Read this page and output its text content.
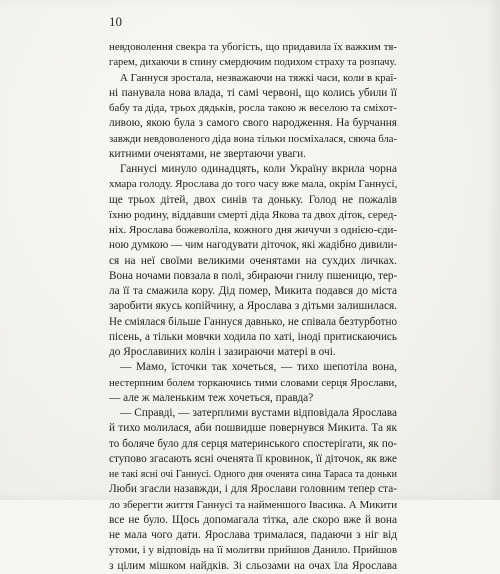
10
невдоволення свекра та убогість, що придавила їх важким тя-
гарем, дихаючи в спину смердючим подихом страху та розпачу.
А Ганнуся зростала, незважаючи на тяжкі часи, коли в краї-
ні панувала нова влада, ті самі червоні, що колись убили її
бабу та діда, трьох дядьків, росла такою ж веселою та сміхот-
ливою, якою була з самого свого народження. На бурчання
завжди невдоволеного діда вона тільки посміхалася, сяюча бла-
китними оченятами, не звертаючи уваги.
Ганнусі минуло одинадцять, коли Україну вкрила чорна
хмара голоду. Ярослава до того часу вже мала, окрім Ганнусі,
ще трьох дітей, двох синів та доньку. Голод не пожалів
їхню родину, віддавши смерті діда Якова та двох діток, серед-
ніх. Ярослава божеволіла, кожного дня жичучи з однією-єди-
ною думкою — чим нагодувати діточок, які жадібно дивили-
ся на неї своїми великими оченятами на сухдих личках.
Вона ночами повзала в полі, збираючи гнилу пшеницю, тер-
ла її та смажила кору. Дід помер, Микита подався до міста
заробити якусь копійчину, а Ярослава з дітьми залишилася.
Не сміялася більше Ганнуся давнько, не співала безтурботно
пісень, а тільки мовчки ходила по хаті, іноді притискаючись
до Ярославиних колін і зазираючи матері в очі.
— Мамо, їсточки так хочеться, — тихо шепотіла вона,
нестерпним болем торкаючись тими словами серця Ярослави,
— але ж маленьким теж хочеться, правда?
— Справді, — затерплими вустами відповідала Ярослава
й тихо молилася, аби пошвидше повернувся Микита. Та як
то боляче було для серця материнського спостерігати, як по-
ступово згасають ясні оченята її кровинок, її діточок, як вже
не такі ясні очі Ганнусі. Одного дня оченята сина Тараса та доньки
Люби згасли назавжди, і для Ярослави головним тепер ста-
ло зберегти життя Ганнусі та найменшого Івасика. А Микити
все не було. Щось допомагала тітка, але скоро вже й вона
не мала чого дати. Ярослава трималася, падаючи з ніг від
утоми, і у відповідь на її молитви прийшов Данило. Прийшов
з цілим мішком найдків. Зі сльозами на очах їла Ярослава
